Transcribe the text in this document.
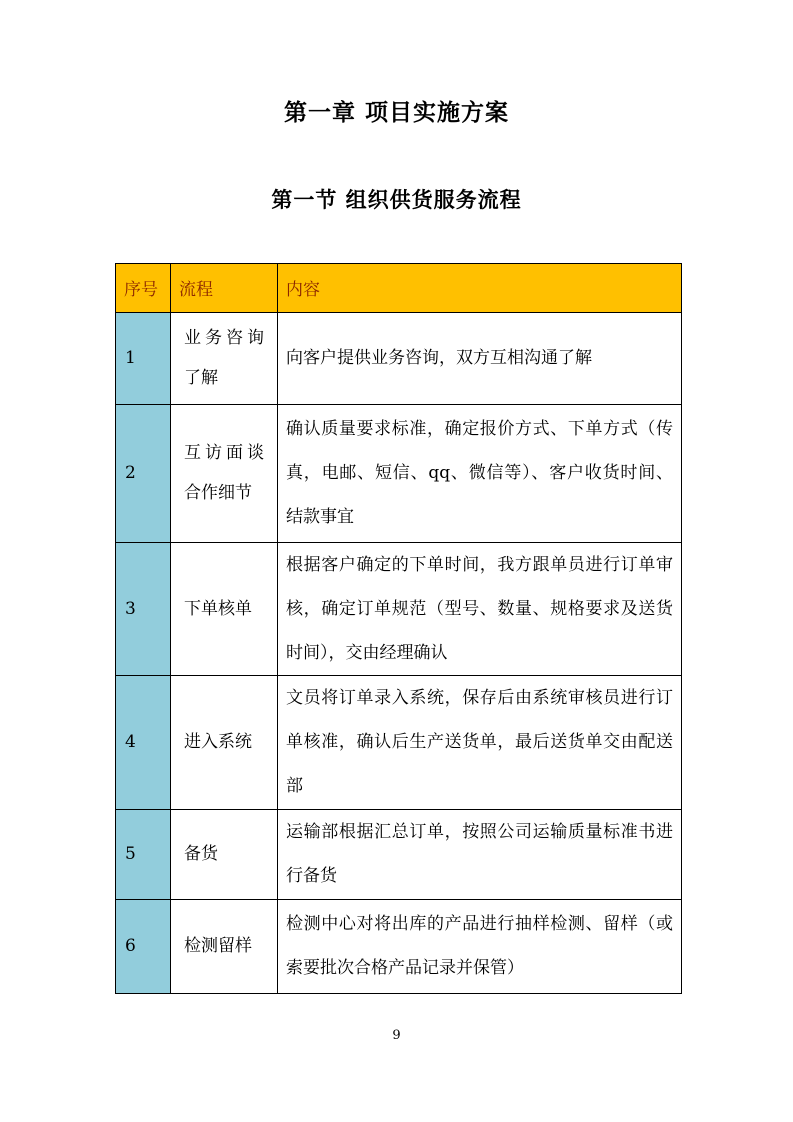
第一章 项目实施方案
第一节 组织供货服务流程
序号	流程	内容
1	业务咨询了解	向客户提供业务咨询，双方互相沟通了解
2	互访面谈合作细节	确认质量要求标准，确定报价方式、下单方式（传真，电邮、短信、qq、微信等）、客户收货时间、结款事宜
3	下单核单	根据客户确定的下单时间，我方跟单员进行订单审核，确定订单规范（型号、数量、规格要求及送货时间），交由经理确认
4	进入系统	文员将订单录入系统，保存后由系统审核员进行订单核准，确认后生产送货单，最后送货单交由配送部
5	备货	运输部根据汇总订单，按照公司运输质量标准书进行备货
6	检测留样	检测中心对将出库的产品进行抽样检测、留样（或索要批次合格产品记录并保管）
9
